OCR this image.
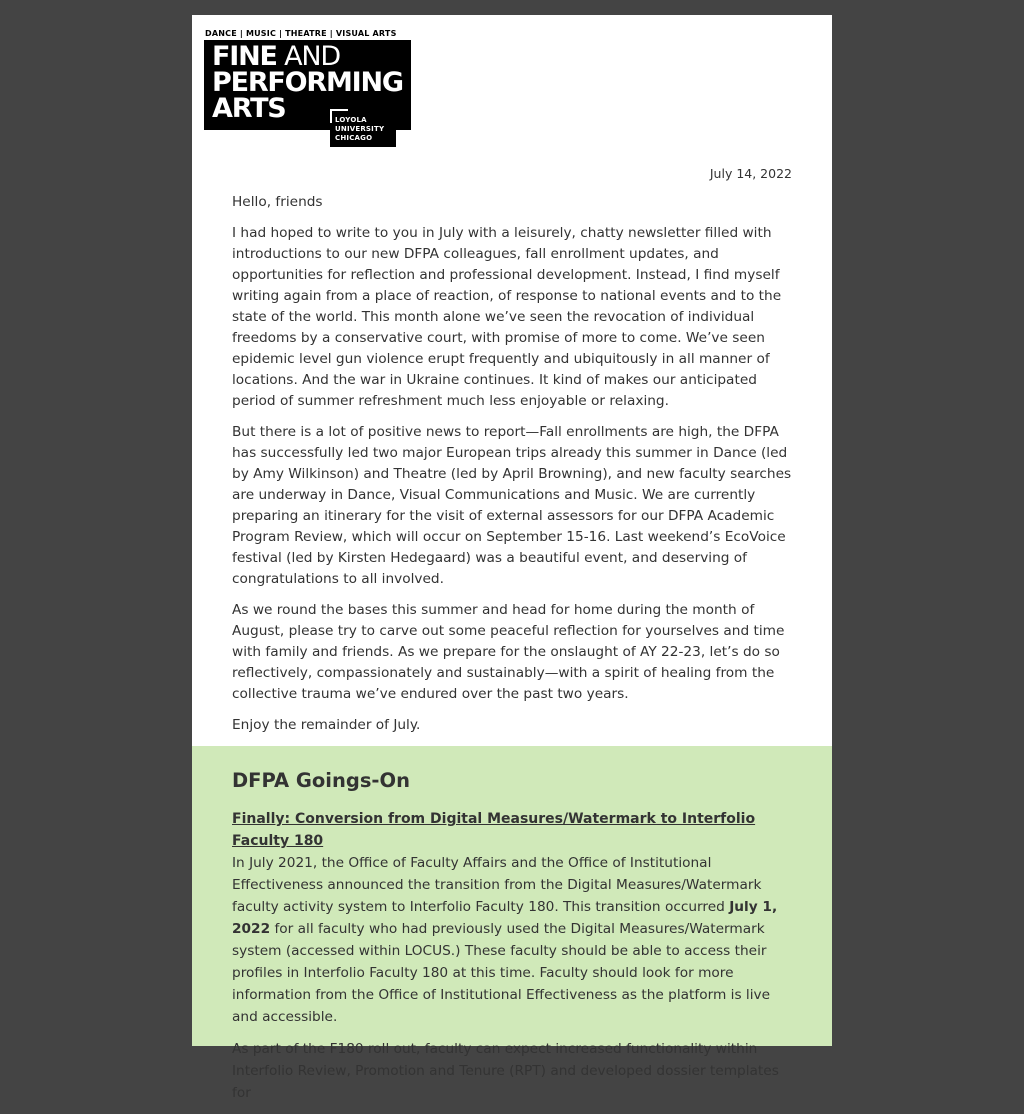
DANCE | MUSIC | THEATRE | VISUAL ARTS
FINE AND
PERFORMING
ARTS	LOYOLA
UNIVERSITY
CHICAGO
July 14, 2022

Hello, friends

I had hoped to write to you in July with a leisurely, chatty newsletter filled with introductions to our new DFPA colleagues, fall enrollment updates, and opportunities for reflection and professional development. Instead, I find myself writing again from a place of reaction, of response to national events and to the state of the world. This month alone we’ve seen the revocation of individual freedoms by a conservative court, with promise of more to come. We’ve seen epidemic level gun violence erupt frequently and ubiquitously in all manner of locations. And the war in Ukraine continues. It kind of makes our anticipated period of summer refreshment much less enjoyable or relaxing.

But there is a lot of positive news to report—Fall enrollments are high, the DFPA has successfully led two major European trips already this summer in Dance (led by Amy Wilkinson) and Theatre (led by April Browning), and new faculty searches are underway in Dance, Visual Communications and Music. We are currently preparing an itinerary for the visit of external assessors for our DFPA Academic Program Review, which will occur on September 15-16. Last weekend’s EcoVoice festival (led by Kirsten Hedegaard) was a beautiful event, and deserving of congratulations to all involved.

As we round the bases this summer and head for home during the month of August, please try to carve out some peaceful reflection for yourselves and time with family and friends. As we prepare for the onslaught of AY 22-23, let’s do so reflectively, compassionately and sustainably—with a spirit of healing from the collective trauma we’ve endured over the past two years.

Enjoy the remainder of July.

DFPA Goings-On
Finally: Conversion from Digital Measures/Watermark to Interfolio Faculty 180

In July 2021, the Office of Faculty Affairs and the Office of Institutional Effectiveness announced the transition from the Digital Measures/Watermark faculty activity system to Interfolio Faculty 180. This transition occurred July 1, 2022 for all faculty who had previously used the Digital Measures/Watermark system (accessed within LOCUS.) These faculty should be able to access their profiles in Interfolio Faculty 180 at this time. Faculty should look for more information from the Office of Institutional Effectiveness as the platform is live and accessible.

As part of the F180 roll out, faculty can expect increased functionality within Interfolio Review, Promotion and Tenure (RPT) and developed dossier templates for
